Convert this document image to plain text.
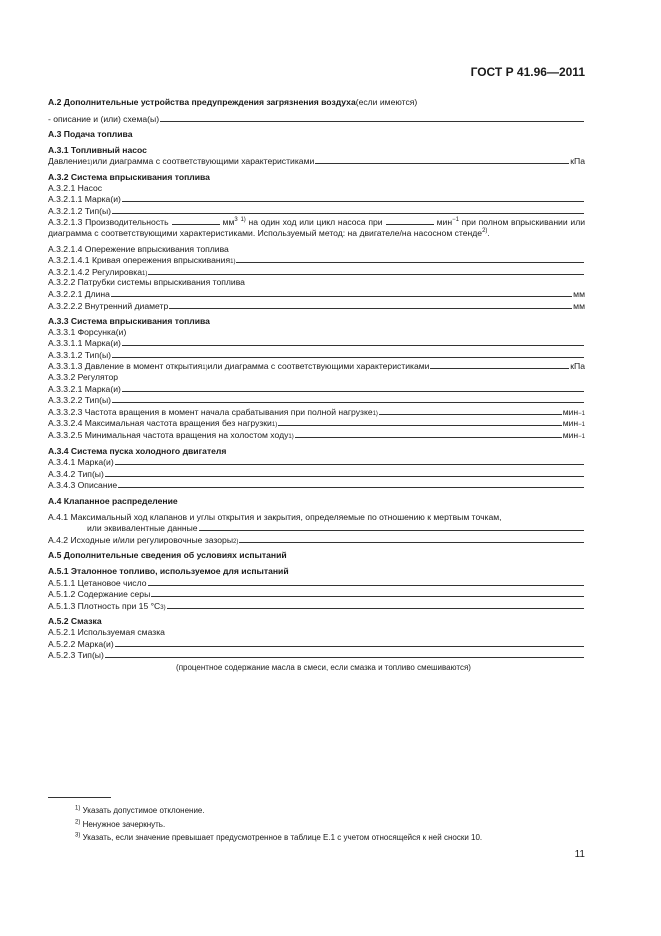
ГОСТ Р 41.96—2011
А.2 Дополнительные устройства предупреждения загрязнения воздуха (если имеются)
- описание и (или) схема(ы)
А.3 Подача топлива
А.3.1 Топливный насос
Давление 1) или диаграмма с соответствующими характеристиками	кПа
А.3.2 Система впрыскивания топлива
А.3.2.1 Насос
А.3.2.1.1 Марка(и)
А.3.2.1.2 Тип(ы)
А.3.2.1.3 Производительность	$мм^3$ $^{1)}$ на один ход или цикл насоса при	мин$^{-1}$ при полном впрыскивании или диаграмма с соответствующими характеристиками. Используемый метод: на двигателе/на насосном стенде$^{2)}$.
А.3.2.1.4 Опережение впрыскивания топлива
А.3.2.1.4.1 Кривая опережения впрыскивания 1)
А.3.2.1.4.2 Регулировка 1)
А.3.2.2 Патрубки системы впрыскивания топлива
А.3.2.2.1 Длина	мм
А.3.2.2.2 Внутренний диаметр	мм
А.3.3 Система впрыскивания топлива
А.3.3.1 Форсунка(и)
А.3.3.1.1 Марка(и)
А.3.3.1.2 Тип(ы)
А.3.3.1.3 Давление в момент открытия 1) или диаграмма с соответствующими характеристиками	кПа
А.3.3.2 Регулятор
А.3.3.2.1 Марка(и)
А.3.3.2.2 Тип(ы)
А.3.3.2.3 Частота вращения в момент начала срабатывания при полной нагрузке 1)	мин −1
А.3.3.2.4 Максимальная частота вращения без нагрузки 1)	мин −1
А.3.3.2.5 Минимальная частота вращения на холостом ходу 1)	мин −1
А.3.4 Система пуска холодного двигателя
А.3.4.1 Марка(и)
А.3.4.2 Тип(ы)
А.3.4.3 Описание
А.4 Клапанное распределение
А.4.1 Максимальный ход клапанов и углы открытия и закрытия, определяемые по отношению к мертвым точкам,
или эквивалентные данные
А.4.2 Исходные и/или регулировочные зазоры 2)
А.5 Дополнительные сведения об условиях испытаний
А.5.1 Эталонное топливо, используемое для испытаний
А.5.1.1 Цетановое число
А.5.1.2 Содержание серы
А.5.1.3 Плотность при 15 °С 3)
А.5.2 Смазка
А.5.2.1 Используемая смазка
А.5.2.2 Марка(и)
А.5.2.3 Тип(ы)
(процентное содержание масла в смеси, если смазка и топливо смешиваются)
$^{1)}$ Указать допустимое отклонение.
$^{2)}$ Ненужное зачеркнуть.
$^{3)}$ Указать, если значение превышает предусмотренное в таблице Е.1 с учетом относящейся к ней сноски 10.
11
